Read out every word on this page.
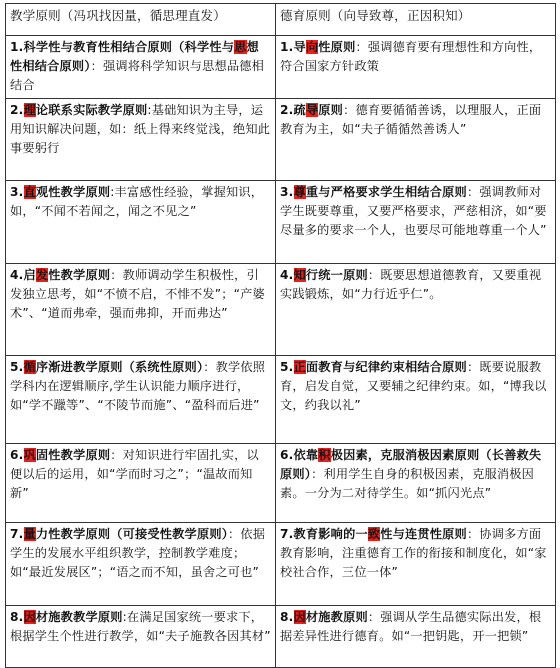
教学原则（冯巩找因量，循思理直发）	德育原则（向导致尊，正因积知）
1.科学性与教育性相结合原则（科学性与思想性相结合原则）：强调将科学知识与思想品德相结合	1.导向性原则：强调德育要有理想性和方向性，符合国家方针政策
2.理论联系实际教学原则:基础知识为主导，运用知识解决问题，如：纸上得来终觉浅，绝知此事要躬行	2.疏导原则：德育要循循善诱，以理服人，正面教育为主，如“夫子循循然善诱人”
3.直观性教学原则:丰富感性经验，掌握知识，如，“不闻不若闻之，闻之不见之”	3.尊重与严格要求学生相结合原则：强调教师对学生既要尊重，又要严格要求，严慈相济，如“要尽量多的要求一个人，也要尽可能地尊重一个人”
4.启发性教学原则：教师调动学生积极性，引发独立思考，如“不愤不启，不悱不发”；“产婆术”、“道而弗牵，强而弗抑，开而弗达”	4.知行统一原则：既要思想道德教育，又要重视实践锻炼，如“力行近乎仁”。
5.循序渐进教学原则（系统性原则）：教学依照学科内在逻辑顺序,学生认识能力顺序进行，如“学不躐等”、“不陵节而施”、“盈科而后进”	5.正面教育与纪律约束相结合原则：既要说服教育，启发自觉，又要辅之纪律约束。如，“博我以文，约我以礼”
6.巩固性教学原则：对知识进行牢固扎实，以便以后的运用，如“学而时习之”；“温故而知新”	6.依靠积极因素，克服消极因素原则（长善救失原则）：利用学生自身的积极因素，克服消极因素。一分为二对待学生。如“抓闪光点”
7.量力性教学原则（可接受性教学原则）：依据学生的发展水平组织教学，控制教学难度；如“最近发展区”；“语之而不知，虽舍之可也”	7.教育影响的一致性与连贯性原则：协调多方面教育影响，注重德育工作的衔接和制度化，如“家校社合作，三位一体”
8.因材施教教学原则:在满足国家统一要求下，根据学生个性进行教学，如“夫子施教各因其材”	8.因材施教原则：强调从学生品德实际出发，根据差异性进行德育。如“一把钥匙，开一把锁”
